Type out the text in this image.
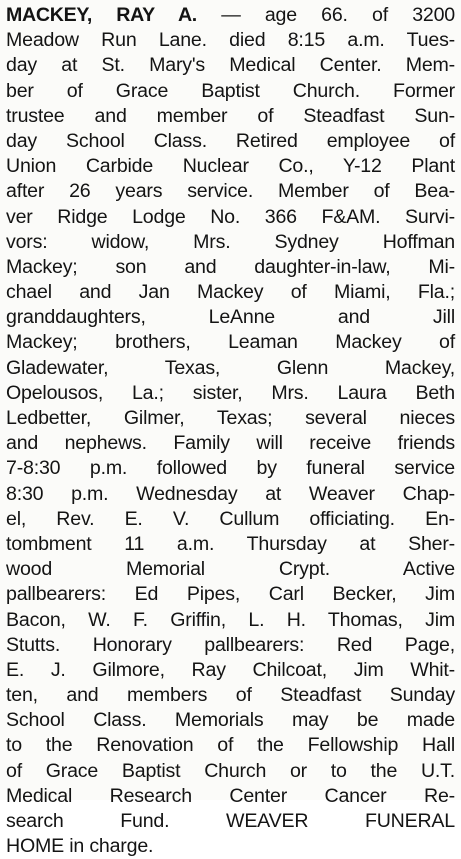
MACKEY, RAY A. — age 66. of 3200
Meadow Run Lane. died 8:15 a.m. Tues-
day at St. Mary's Medical Center. Mem-
ber of Grace Baptist Church. Former
trustee and member of Steadfast Sun-
day School Class. Retired employee of
Union Carbide Nuclear Co., Y-12 Plant
after 26 years service. Member of Bea-
ver Ridge Lodge No. 366 F&AM. Survi-
vors: widow, Mrs. Sydney Hoffman
Mackey; son and daughter-in-law, Mi-
chael and Jan Mackey of Miami, Fla.;
granddaughters, LeAnne and Jill
Mackey; brothers, Leaman Mackey of
Gladewater, Texas, Glenn Mackey,
Opelousos, La.; sister, Mrs. Laura Beth
Ledbetter, Gilmer, Texas; several nieces
and nephews. Family will receive friends
7-8:30 p.m. followed by funeral service
8:30 p.m. Wednesday at Weaver Chap-
el, Rev. E. V. Cullum officiating. En-
tombment 11 a.m. Thursday at Sher-
wood Memorial Crypt. Active
pallbearers: Ed Pipes, Carl Becker, Jim
Bacon, W. F. Griffin, L. H. Thomas, Jim
Stutts. Honorary pallbearers: Red Page,
E. J. Gilmore, Ray Chilcoat, Jim Whit-
ten, and members of Steadfast Sunday
School Class. Memorials may be made
to the Renovation of the Fellowship Hall
of Grace Baptist Church or to the U.T.
Medical Research Center Cancer Re-
search Fund. WEAVER FUNERAL
HOME in charge.
